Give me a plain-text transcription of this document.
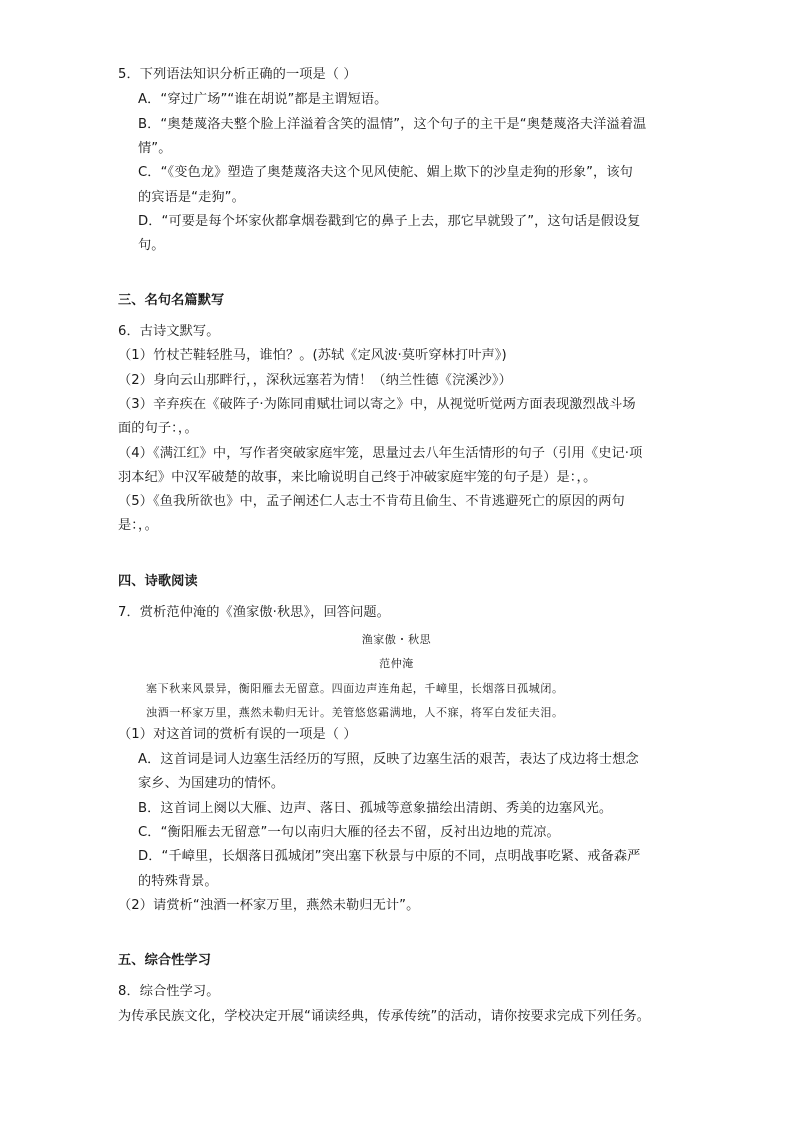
5．下列语法知识分析正确的一项是（ ）
A．“穿过广场”“谁在胡说”都是主谓短语。
B．“奥楚蔑洛夫整个脸上洋溢着含笑的温情”，这个句子的主干是“奥楚蔑洛夫洋溢着温
情”。
C．“《变色龙》塑造了奥楚蔑洛夫这个见风使舵、媚上欺下的沙皇走狗的形象”，该句
的宾语是“走狗”。
D．“可要是每个坏家伙都拿烟卷戳到它的鼻子上去，那它早就毁了”，这句话是假设复
句。
三、名句名篇默写
6．古诗文默写。
（1）竹杖芒鞋轻胜马，谁怕？。(苏轼《定风波·莫听穿林打叶声》)
（2）身向云山那畔行，，深秋远塞若为情！（纳兰性德《浣溪沙》）
（3）辛弃疾在《破阵子·为陈同甫赋壮词以寄之》中，从视觉听觉两方面表现激烈战斗场
面的句子：，。
（4）《满江红》中，写作者突破家庭牢笼，思量过去八年生活情形的句子（引用《史记·项
羽本纪》中汉军破楚的故事，来比喻说明自己终于冲破家庭牢笼的句子是）是：，。
（5）《鱼我所欲也》中，孟子阐述仁人志士不肯苟且偷生、不肯逃避死亡的原因的两句
是：，。
四、诗歌阅读
7．赏析范仲淹的《渔家傲·秋思》，回答问题。
渔家傲・秋思
范仲淹
塞下秋来风景异，衡阳雁去无留意。四面边声连角起，千嶂里，长烟落日孤城闭。
浊酒一杯家万里，燕然未勒归无计。羌管悠悠霜满地，人不寐，将军白发征夫泪。
（1）对这首词的赏析有误的一项是（ ）
A．这首词是词人边塞生活经历的写照，反映了边塞生活的艰苦，表达了戍边将士想念
家乡、为国建功的情怀。
B．这首词上阕以大雁、边声、落日、孤城等意象描绘出清朗、秀美的边塞风光。
C．“衡阳雁去无留意”一句以南归大雁的径去不留，反衬出边地的荒凉。
D．“千嶂里，长烟落日孤城闭”突出塞下秋景与中原的不同，点明战事吃紧、戒备森严
的特殊背景。
（2）请赏析“浊酒一杯家万里，燕然未勒归无计”。
五、综合性学习
8．综合性学习。
为传承民族文化，学校决定开展“诵读经典，传承传统”的活动，请你按要求完成下列任务。
